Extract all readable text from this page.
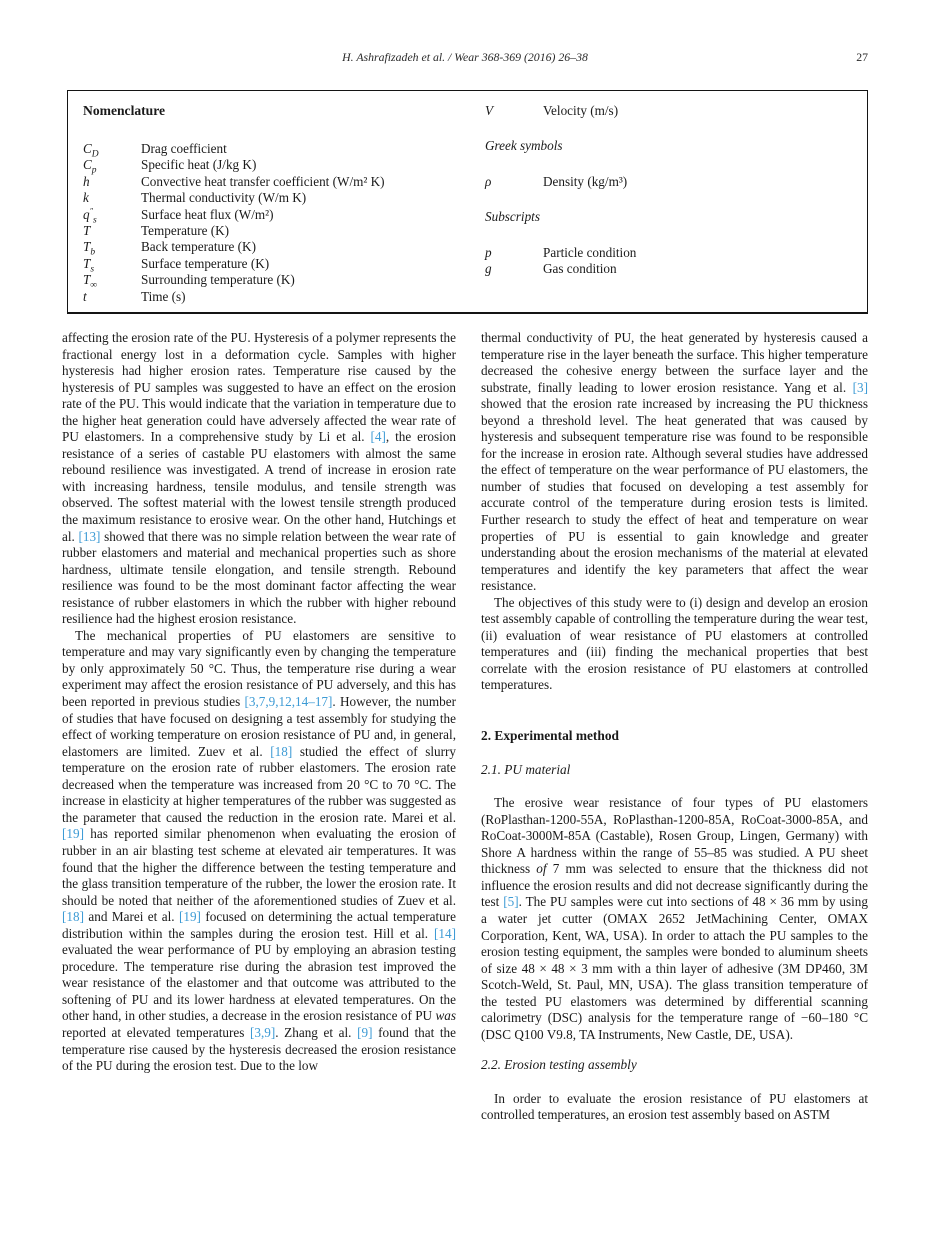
H. Ashrafizadeh et al. / Wear 368-369 (2016) 26–38	27
Nomenclature
$C_D$	Drag coefficient
$C_p$	Specific heat (J/kg K)
h	Convective heat transfer coefficient (W/m² K)
k	Thermal conductivity (W/m K)
$q''_s$	Surface heat flux (W/m²)
T	Temperature (K)
$T_b$	Back temperature (K)
$T_s$	Surface temperature (K)
$T_\infty$	Surrounding temperature (K)
t	Time (s)
V	Velocity (m/s)
Greek symbols
ρ	Density (kg/m³)
Subscripts
p	Particle condition
g	Gas condition

affecting the erosion rate of the PU. Hysteresis of a polymer represents the fractional energy lost in a deformation cycle. Samples with higher hysteresis had higher erosion rates. Temperature rise caused by the hysteresis of PU samples was suggested to have an effect on the erosion rate of the PU. This would indicate that the variation in temperature due to the higher heat generation could have adversely affected the wear rate of PU elastomers. In a comprehensive study by Li et al. [4], the erosion resistance of a series of castable PU elastomers with almost the same rebound resilience was investigated. A trend of increase in erosion rate with increasing hardness, tensile modulus, and tensile strength was observed. The softest material with the lowest tensile strength produced the maximum resistance to erosive wear. On the other hand, Hutchings et al. [13] showed that there was no simple relation between the wear rate of rubber elastomers and material and mechanical properties such as shore hardness, ultimate tensile elongation, and tensile strength. Rebound resilience was found to be the most dominant factor affecting the wear resistance of rubber elastomers in which the rubber with higher rebound resilience had the highest erosion resistance.

The mechanical properties of PU elastomers are sensitive to temperature and may vary significantly even by changing the temperature by only approximately 50 °C. Thus, the temperature rise during a wear experiment may affect the erosion resistance of PU adversely, and this has been reported in previous studies [3,7,9,12,14–17]. However, the number of studies that have focused on designing a test assembly for studying the effect of working temperature on erosion resistance of PU and, in general, elastomers are limited. Zuev et al. [18] studied the effect of slurry temperature on the erosion rate of rubber elastomers. The erosion rate decreased when the temperature was increased from 20 °C to 70 °C. The increase in elasticity at higher temperatures of the rubber was suggested as the parameter that caused the reduction in the erosion rate. Marei et al. [19] has reported similar phenomenon when evaluating the erosion of rubber in an air blasting test scheme at elevated air temperatures. It was found that the higher the difference between the testing temperature and the glass transition temperature of the rubber, the lower the erosion rate. It should be noted that neither of the aforementioned studies of Zuev et al. [18] and Marei et al. [19] focused on determining the actual temperature distribution within the samples during the erosion test. Hill et al. [14] evaluated the wear performance of PU by employing an abrasion testing procedure. The temperature rise during the abrasion test improved the wear resistance of the elastomer and that outcome was attributed to the softening of PU and its lower hardness at elevated temperatures. On the other hand, in other studies, a decrease in the erosion resistance of PU was reported at elevated temperatures [3,9]. Zhang et al. [9] found that the temperature rise caused by the hysteresis decreased the erosion resistance of the PU during the erosion test. Due to the low

thermal conductivity of PU, the heat generated by hysteresis caused a temperature rise in the layer beneath the surface. This higher temperature decreased the cohesive energy between the surface layer and the substrate, finally leading to lower erosion resistance. Yang et al. [3] showed that the erosion rate increased by increasing the PU thickness beyond a threshold level. The heat generated that was caused by hysteresis and subsequent temperature rise was found to be responsible for the increase in erosion rate. Although several studies have addressed the effect of temperature on the wear performance of PU elastomers, the number of studies that focused on developing a test assembly for accurate control of the temperature during erosion tests is limited. Further research to study the effect of heat and temperature on wear properties of PU is essential to gain knowledge and greater understanding about the erosion mechanisms of the material at elevated temperatures and identify the key parameters that affect the wear resistance.

The objectives of this study were to (i) design and develop an erosion test assembly capable of controlling the temperature during the wear test, (ii) evaluation of wear resistance of PU elastomers at controlled temperatures and (iii) finding the mechanical properties that best correlate with the erosion resistance of PU elastomers at controlled temperatures.

2. Experimental method
2.1. PU material

The erosive wear resistance of four types of PU elastomers (RoPlasthan-1200-55A, RoPlasthan-1200-85A, RoCoat-3000-85A, and RoCoat-3000M-85A (Castable), Rosen Group, Lingen, Germany) with Shore A hardness within the range of 55–85 was studied. A PU sheet thickness of 7 mm was selected to ensure that the thickness did not influence the erosion results and did not decrease significantly during the test [5]. The PU samples were cut into sections of 48 × 36 mm by using a water jet cutter (OMAX 2652 JetMachining Center, OMAX Corporation, Kent, WA, USA). In order to attach the PU samples to the erosion testing equipment, the samples were bonded to aluminum sheets of size 48 × 48 × 3 mm with a thin layer of adhesive (3M DP460, 3M Scotch-Weld, St. Paul, MN, USA). The glass transition temperature of the tested PU elastomers was determined by differential scanning calorimetry (DSC) analysis for the temperature range of −60–180 °C (DSC Q100 V9.8, TA Instruments, New Castle, DE, USA).

2.2. Erosion testing assembly

In order to evaluate the erosion resistance of PU elastomers at controlled temperatures, an erosion test assembly based on ASTM
